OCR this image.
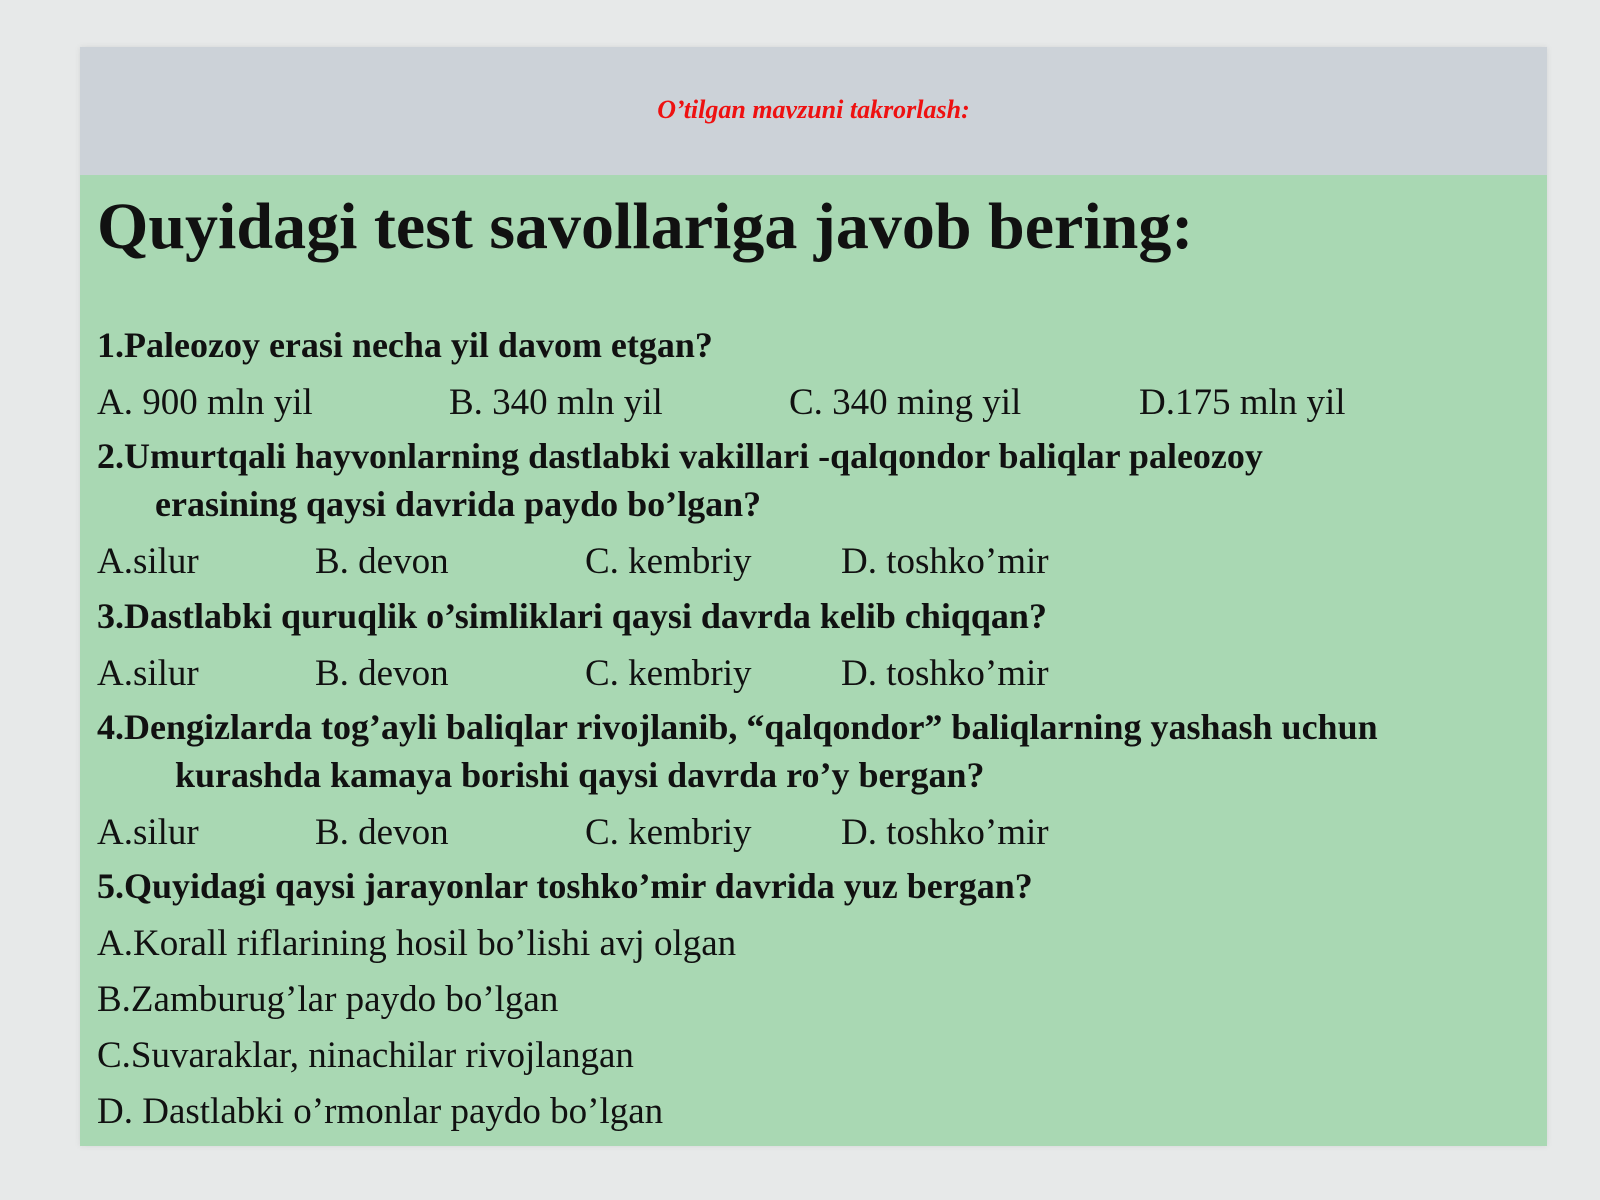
O’tilgan mavzuni takrorlash:
Quyidagi test savollariga javob bering:

1.Paleozoy erasi necha yil davom etgan?

A. 900 mln yil	B. 340 mln yil	C. 340 ming yil	D.175 mln yil

2.Umurtqali hayvonlarning dastlabki vakillari -qalqondor baliqlar paleozoy
erasining qaysi davrida paydo bo’lgan?

A.silur	B. devon	C. kembriy D. toshko’mir

3.Dastlabki quruqlik o’simliklari qaysi davrda kelib chiqqan?

A.silur	B. devon	C. kembriy D. toshko’mir

4.Dengizlarda tog’ayli baliqlar rivojlanib, “qalqondor” baliqlarning yashash uchun
kurashda kamaya borishi qaysi davrda ro’y bergan?

A.silur	B. devon	C. kembriy D. toshko’mir

5.Quyidagi qaysi jarayonlar toshko’mir davrida yuz bergan?

A.Korall riflarining hosil bo’lishi avj olgan
B.Zamburug’lar paydo bo’lgan
C.Suvaraklar, ninachilar rivojlangan
D. Dastlabki o’rmonlar paydo bo’lgan
